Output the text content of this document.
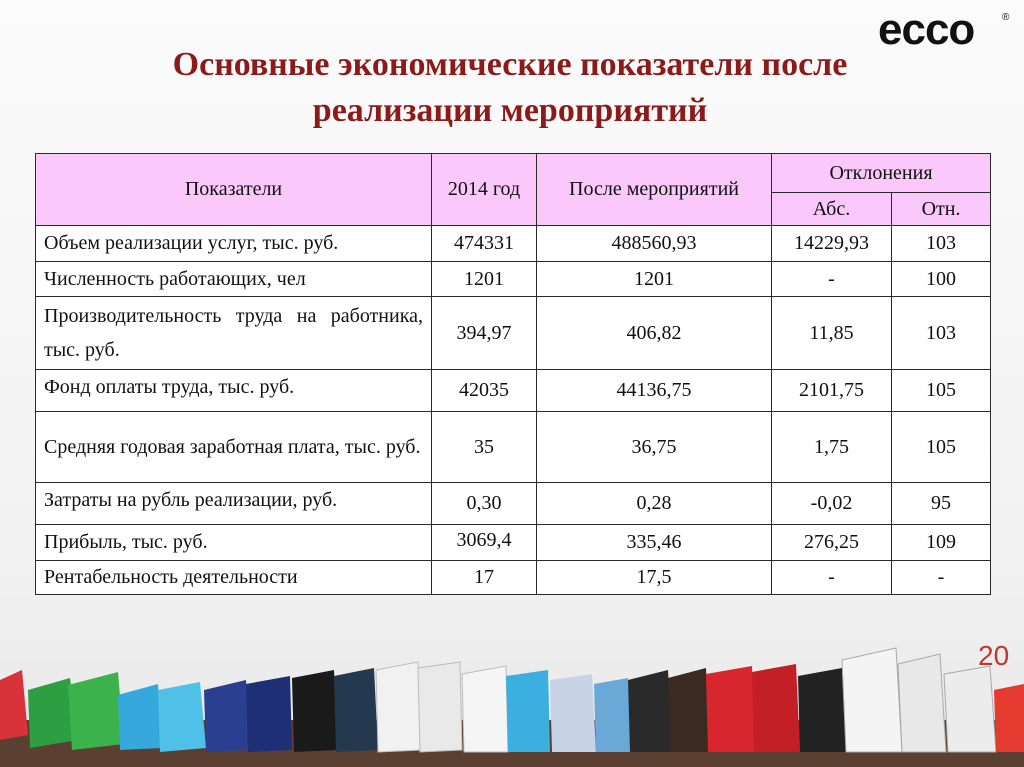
ecco	®
Основные экономические показатели после
реализации мероприятий
Показатели	2014 год	После мероприятий	Отклонения	
			Абс.	Отн.
Объем реализации услуг, тыс. руб.	474331	488560,93	14229,93	103
Численность работающих, чел	1201	1201	-	100
Производительность труда на работника, тыс. руб.	394,97	406,82	11,85	103
Фонд оплаты труда, тыс. руб.	42035	44136,75	2101,75	105
Средняя годовая заработная плата, тыс. руб.	35	36,75	1,75	105
Затраты на рубль реализации, руб.	0,30	0,28	-0,02	95
Прибыль, тыс. руб.	3069,4	335,46	276,25	109
Рентабельность деятельности	17	17,5	-	-
20
